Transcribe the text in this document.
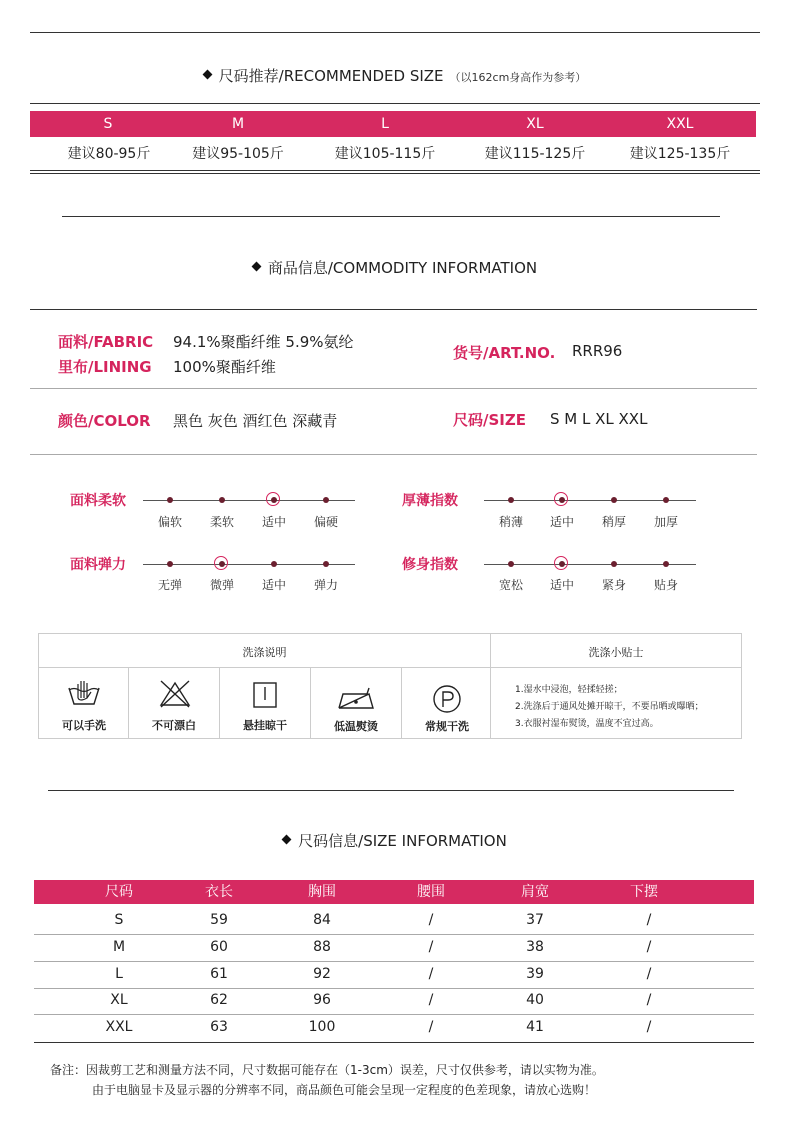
尺码推荐/RECOMMENDED SIZE （以162cm身高作为参考）
S	M	L	XL	XXL
建议80-95斤	建议95-105斤	建议105-115斤	建议115-125斤	建议125-135斤
商品信息/COMMODITY INFORMATION
面料/FABRIC 94.1%聚酯纤维 5.9%氨纶
里布/LINING 100%聚酯纤维
货号/ART.NO. RRR96
颜色/COLOR 黑色 灰色 酒红色 深藏青	尺码/SIZE S M L XL XXL
面料柔软
偏软	柔软	适中	偏硬
厚薄指数
稍薄	适中	稍厚	加厚
面料弹力
无弹	微弹	适中	弹力
修身指数
宽松	适中	紧身	贴身
洗涤说明	洗涤小贴士
可以手洗	不可漂白	悬挂晾干	低温熨烫	常规干洗
1.湿水中浸泡，轻揉轻搓；
2.洗涤后于通风处摊开晾干，不要吊晒或曝晒；
3.衣服衬湿布熨烫，温度不宜过高。
尺码信息/SIZE INFORMATION
尺码	衣长	胸围	腰围	肩宽	下摆
S	59	84	/	37	/
M	60	88	/	38	/
L	61	92	/	39	/
XL	62	96	/	40	/
XXL	63	100	/	41	/
备注：因裁剪工艺和测量方法不同，尺寸数据可能存在（1-3cm）误差，尺寸仅供参考，请以实物为准。
由于电脑显卡及显示器的分辨率不同，商品颜色可能会呈现一定程度的色差现象，请放心选购！
